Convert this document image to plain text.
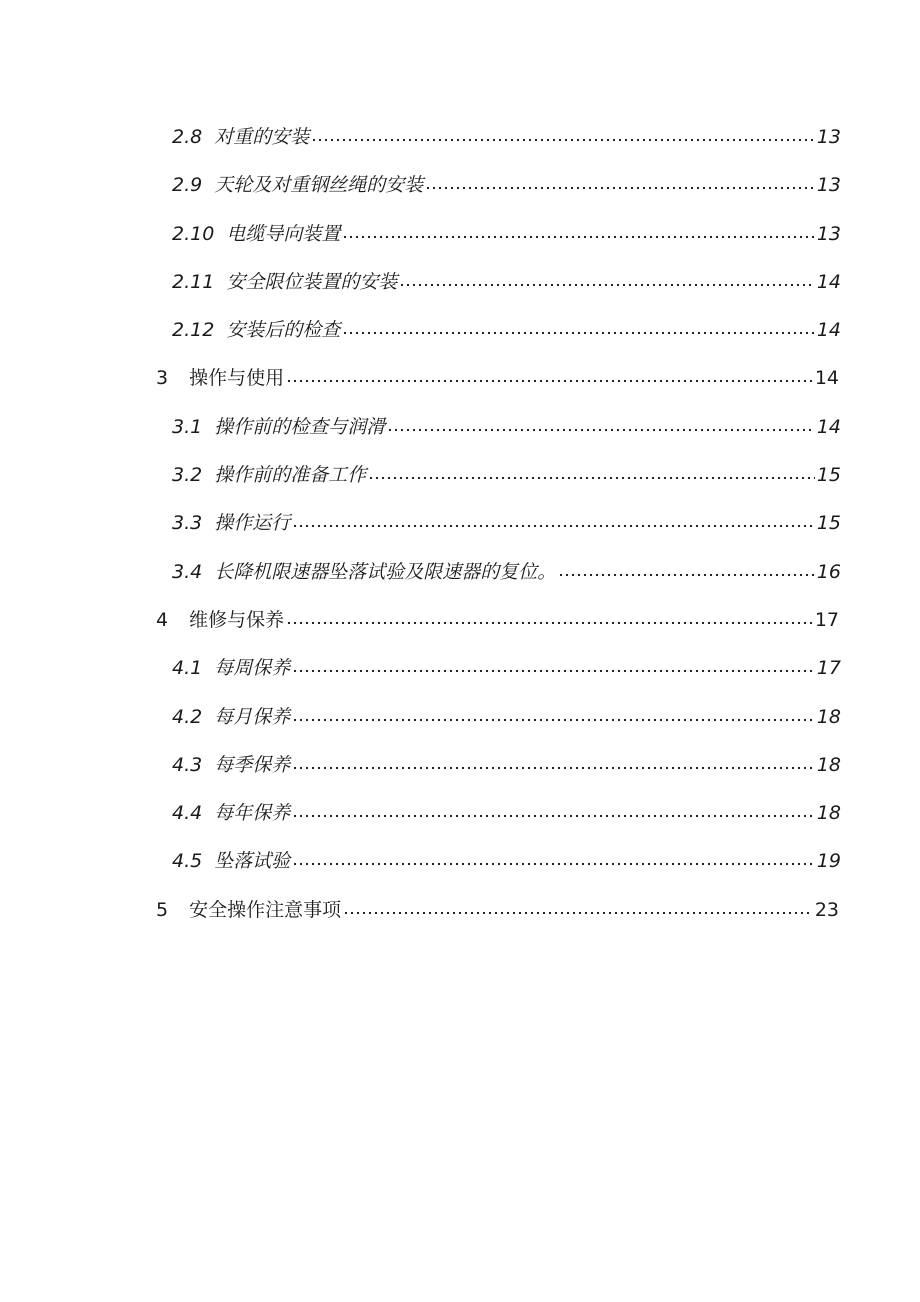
2.8 对重的安装	13
2.9 天轮及对重钢丝绳的安装	13
2.10 电缆导向装置	13
2.11 安全限位装置的安装	14
2.12 安装后的检查	14
3 操作与使用	14
3.1 操作前的检查与润滑	14
3.2 操作前的准备工作	15
3.3 操作运行	15
3.4 长降机限速器坠落试验及限速器的复位。	16
4 维修与保养	17
4.1 每周保养	17
4.2 每月保养	18
4.3 每季保养	18
4.4 每年保养	18
4.5 坠落试验	19
5 安全操作注意事项	23
